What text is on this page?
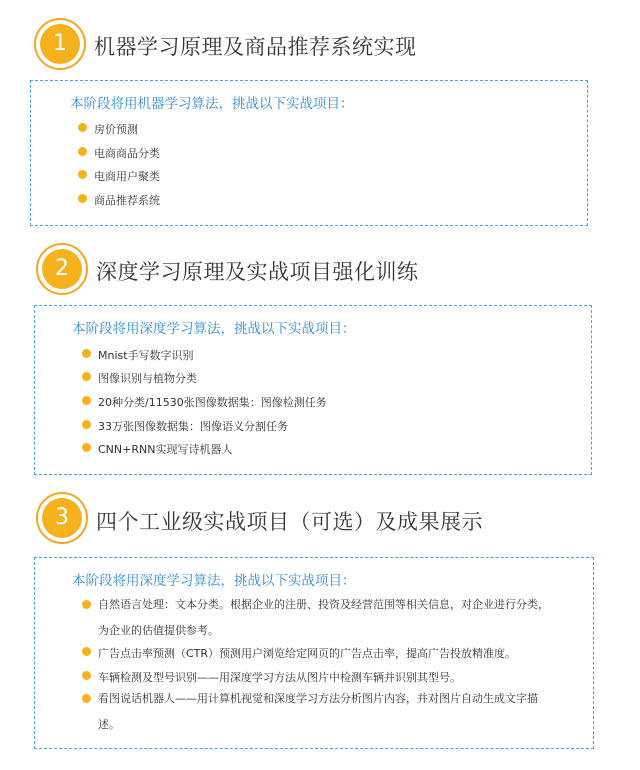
1	机器学习原理及商品推荐系统实现
本阶段将用机器学习算法，挑战以下实战项目：
房价预测
电商商品分类
电商用户聚类
商品推荐系统
2	深度学习原理及实战项目强化训练
本阶段将用深度学习算法，挑战以下实战项目：
Mnist手写数字识别
图像识别与植物分类
20种分类/11530张图像数据集：图像检测任务
33万张图像数据集：图像语义分割任务
CNN+RNN实现写诗机器人
3	四个工业级实战项目（可选）及成果展示
本阶段将用深度学习算法，挑战以下实战项目：
自然语言处理：文本分类。根据企业的注册、投资及经营范围等相关信息，对企业进行分类，为企业的估值提供参考。
广告点击率预测（CTR）预测用户浏览给定网页的广告点击率，提高广告投放精准度。
车辆检测及型号识别——用深度学习方法从图片中检测车辆并识别其型号。
看图说话机器人——用计算机视觉和深度学习方法分析图片内容，并对图片自动生成文字描述。
